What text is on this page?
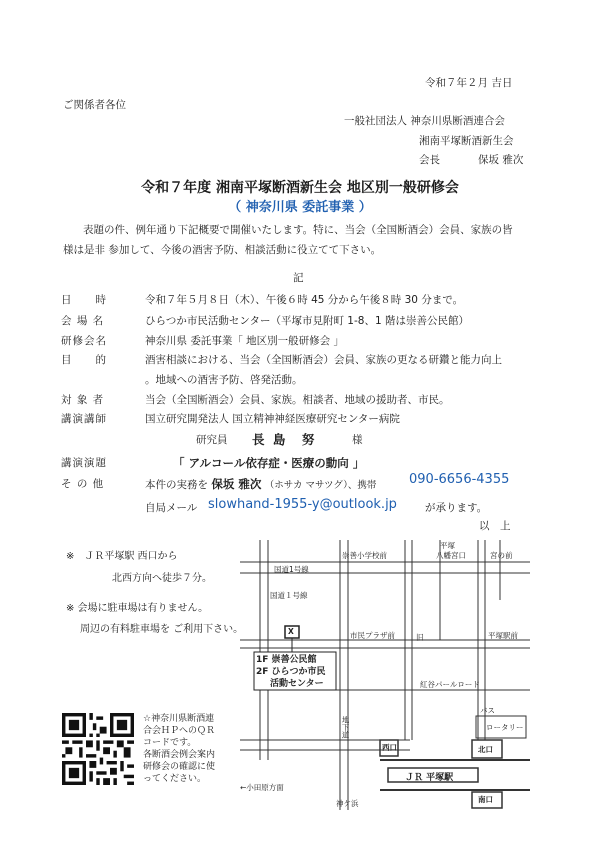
令和７年２月 吉日
ご関係者各位
一般社団法人 神奈川県断酒連合会
湘南平塚断酒新生会
会長	保坂 雅次
令和７年度 湘南平塚断酒新生会 地区別一般研修会
（ 神奈川県 委託事業 ）
表題の件、例年通り下記概要で開催いたします。特に、当会（全国断酒会）会員、家族の皆
様は是非 参加して、今後の酒害予防、相談活動に役立てて下さい。
記
日　　時	令和７年５月８日（木）、午後６時 45 分から午後８時 30 分まで。
会 場 名	ひらつか市民活動センター（平塚市見附町 1-8、1 階は崇善公民館）
研修会名	神奈川県 委託事業「 地区別一般研修会 」
目　　的	酒害相談における、当会（全国断酒会）会員、家族の更なる研鑽と能力向上
。地域への酒害予防、啓発活動。
対 象 者	当会（全国断酒会）会員、家族。相談者、地域の援助者、市民。
講演講師	国立研究開発法人 国立精神神経医療研究センター病院
研究員 長 島　努	様
講演演題	「 アルコール依存症・医療の動向 」
そ の 他	本件の実務を 保坂 雅次 （ホサカ マサツグ）、携帯	090-6656-4355
自局メール slowhand-1955-y@outlook.jp	が承ります。
以　上
※　ＪＲ平塚駅 西口から
北西方向へ徒歩７分。
※ 会場に駐車場は有りません。
周辺の有料駐車場を ご利用下さい。
☆神奈川県断酒連
合会ＨＰへのＱＲ
コードです。
各断酒会例会案内
研修会の確認に使
ってください。
崇善小学校前
平塚
八幡宮口	宮の前
国道1号線
国道１号線
市民プラザ前	旧	平塚駅前
X
紅谷パールロード
バス
ロータリー
西口	北口
ＪＲ 平塚駅
南口
←小田原方面
地下道
神ケ浜
1F 崇善公民館
2F ひらつか市民
活動センター
